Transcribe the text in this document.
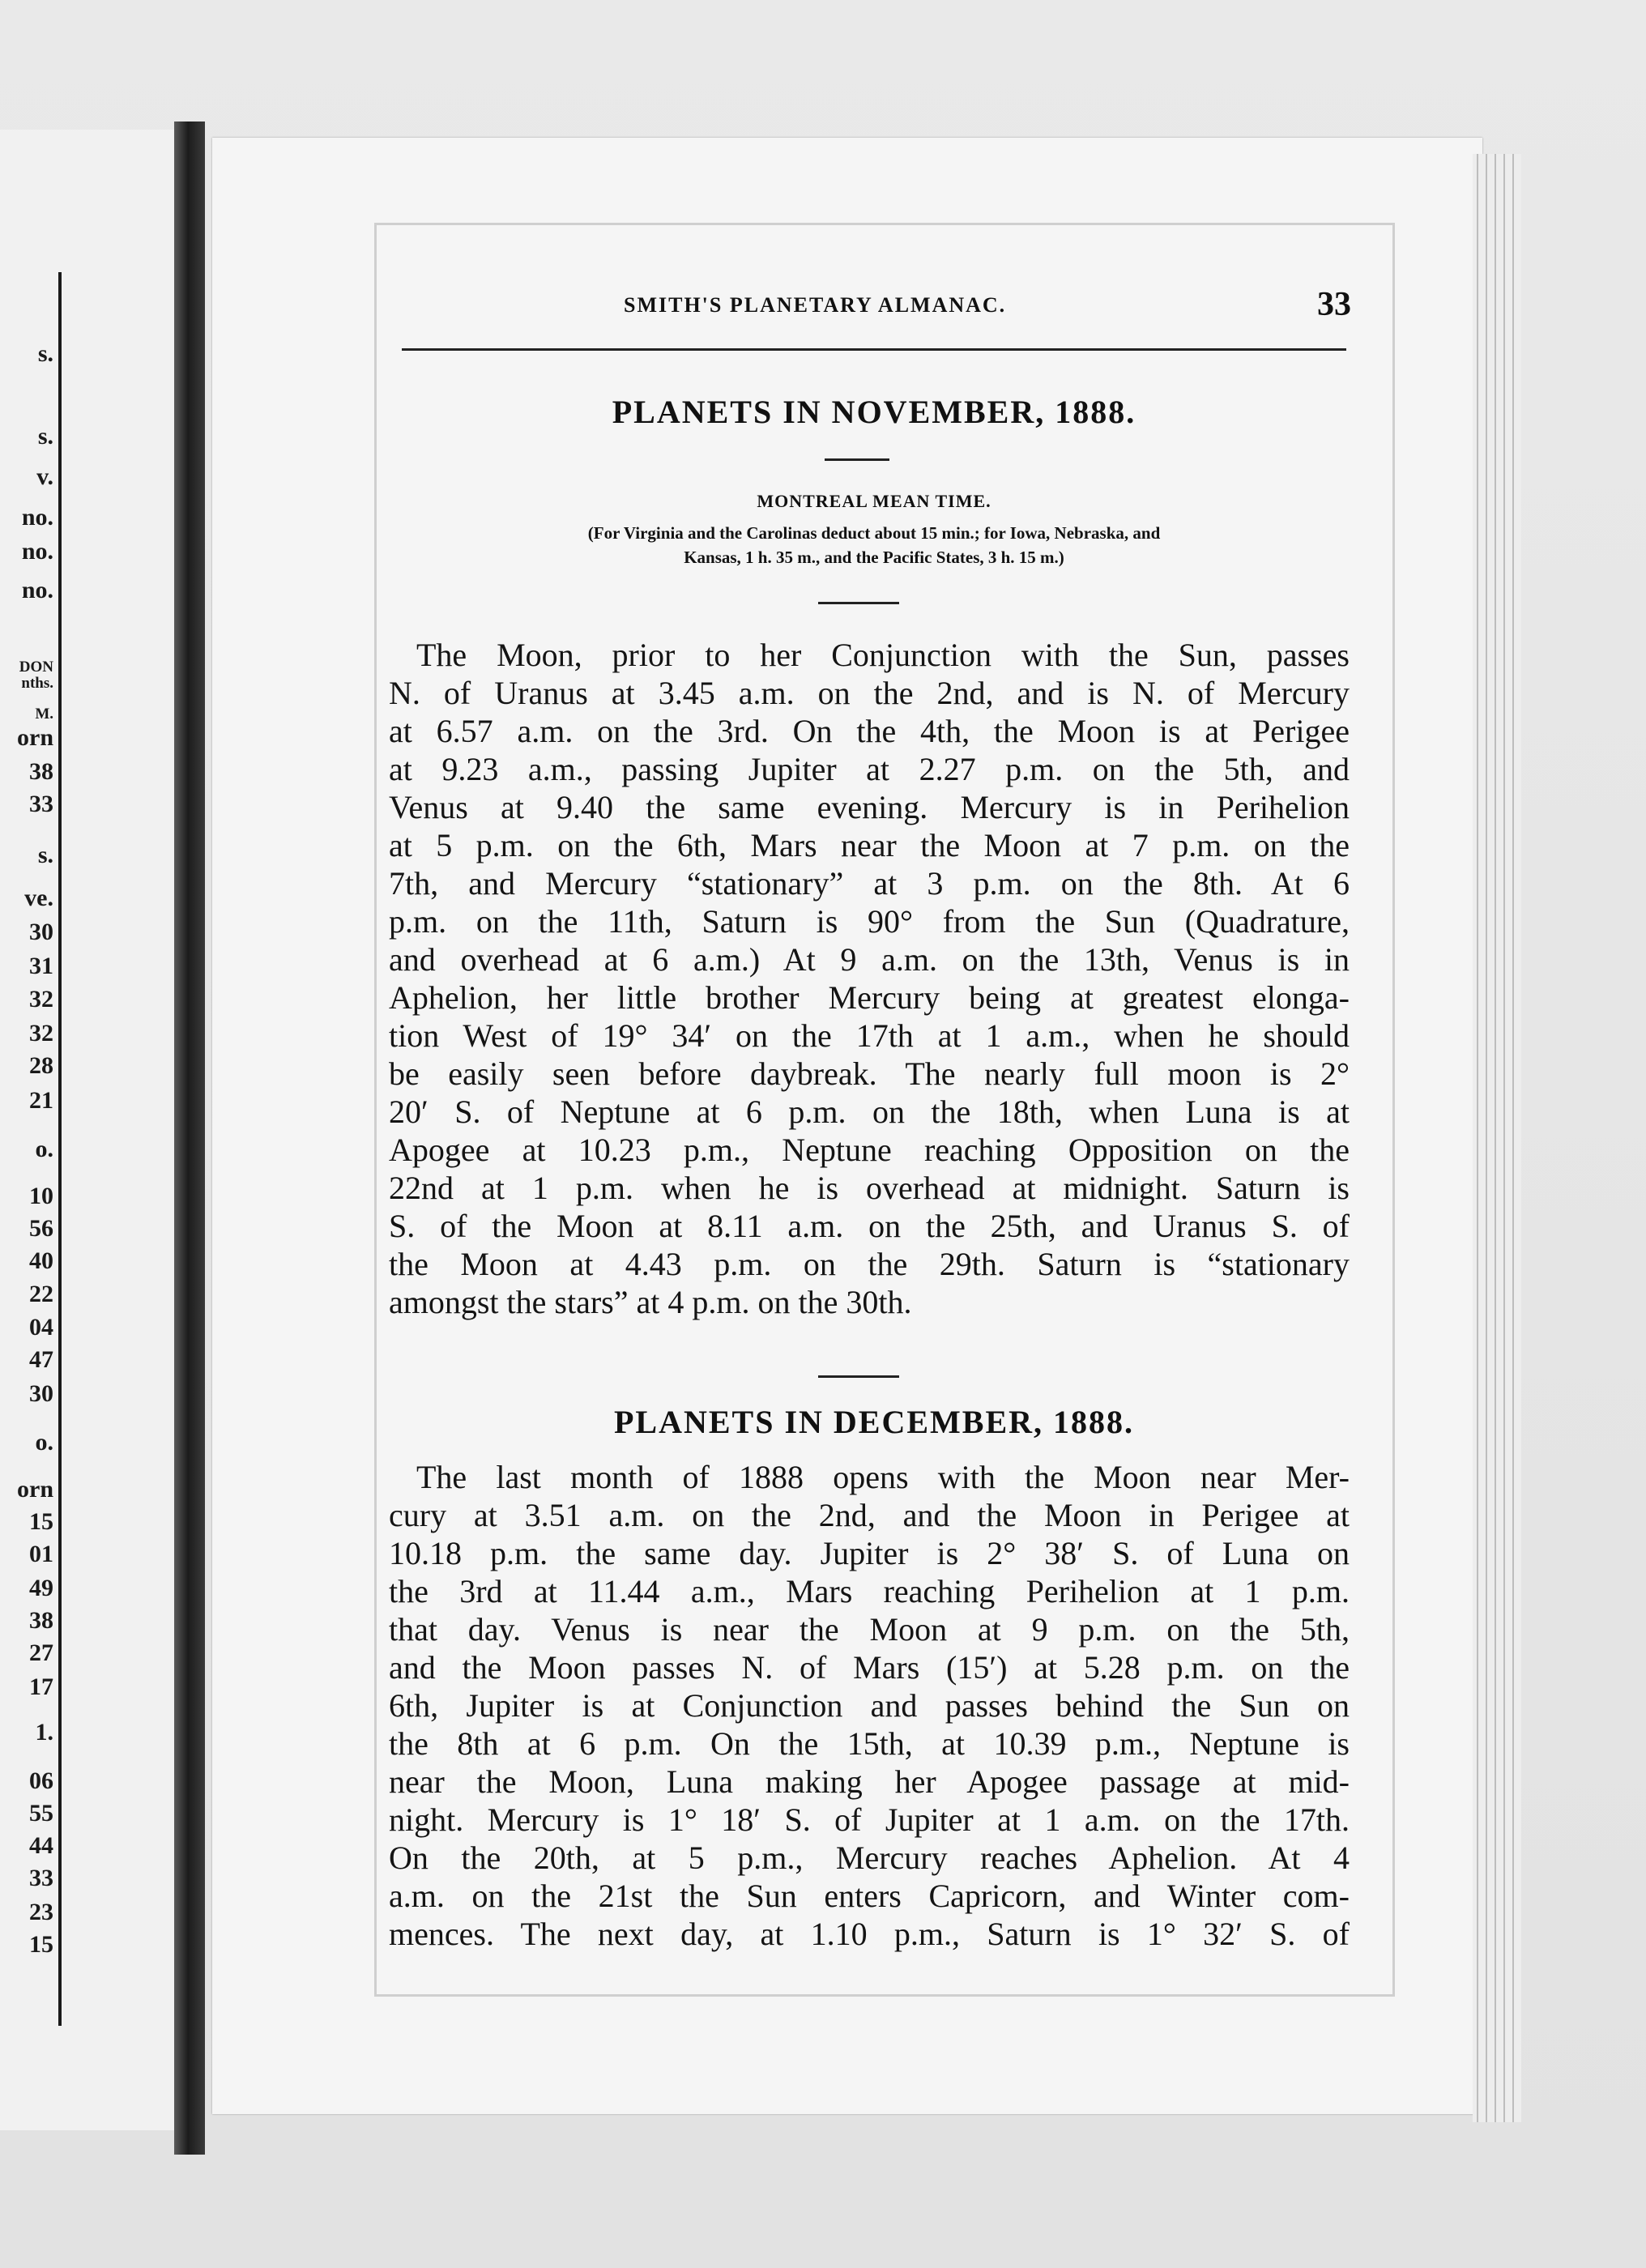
s.
s.
v.
no.
no.
no.
DON
nths.
M.
orn
38
33
s.
ve.
30
31
32
32
28
21
o.
10
56
40
22
04
47
30
o.
orn
15
01
49
38
27
17
1.
06
55
44
33
23
15
SMITH'S PLANETARY ALMANAC.	33
PLANETS IN NOVEMBER, 1888.
MONTREAL MEAN TIME.
(For Virginia and the Carolinas deduct about 15 min.; for Iowa, Nebraska, and
Kansas, 1 h. 35 m., and the Pacific States, 3 h. 15 m.)
The Moon, prior to her Conjunction with the Sun, passes
N. of Uranus at 3.45 a.m. on the 2nd, and is N. of Mercury
at 6.57 a.m. on the 3rd. On the 4th, the Moon is at Perigee
at 9.23 a.m., passing Jupiter at 2.27 p.m. on the 5th, and
Venus at 9.40 the same evening. Mercury is in Perihelion
at 5 p.m. on the 6th, Mars near the Moon at 7 p.m. on the
7th, and Mercury “stationary” at 3 p.m. on the 8th. At 6
p.m. on the 11th, Saturn is 90° from the Sun (Quadrature,
and overhead at 6 a.m.) At 9 a.m. on the 13th, Venus is in
Aphelion, her little brother Mercury being at greatest elonga-
tion West of 19° 34′ on the 17th at 1 a.m., when he should
be easily seen before daybreak. The nearly full moon is 2°
20′ S. of Neptune at 6 p.m. on the 18th, when Luna is at
Apogee at 10.23 p.m., Neptune reaching Opposition on the
22nd at 1 p.m. when he is overhead at midnight. Saturn is
S. of the Moon at 8.11 a.m. on the 25th, and Uranus S. of
the Moon at 4.43 p.m. on the 29th. Saturn is “stationary
amongst the stars” at 4 p.m. on the 30th.
PLANETS IN DECEMBER, 1888.
The last month of 1888 opens with the Moon near Mer-
cury at 3.51 a.m. on the 2nd, and the Moon in Perigee at
10.18 p.m. the same day. Jupiter is 2° 38′ S. of Luna on
the 3rd at 11.44 a.m., Mars reaching Perihelion at 1 p.m.
that day. Venus is near the Moon at 9 p.m. on the 5th,
and the Moon passes N. of Mars (15′) at 5.28 p.m. on the
6th, Jupiter is at Conjunction and passes behind the Sun on
the 8th at 6 p.m. On the 15th, at 10.39 p.m., Neptune is
near the Moon, Luna making her Apogee passage at mid-
night. Mercury is 1° 18′ S. of Jupiter at 1 a.m. on the 17th.
On the 20th, at 5 p.m., Mercury reaches Aphelion. At 4
a.m. on the 21st the Sun enters Capricorn, and Winter com-
mences. The next day, at 1.10 p.m., Saturn is 1° 32′ S. of
